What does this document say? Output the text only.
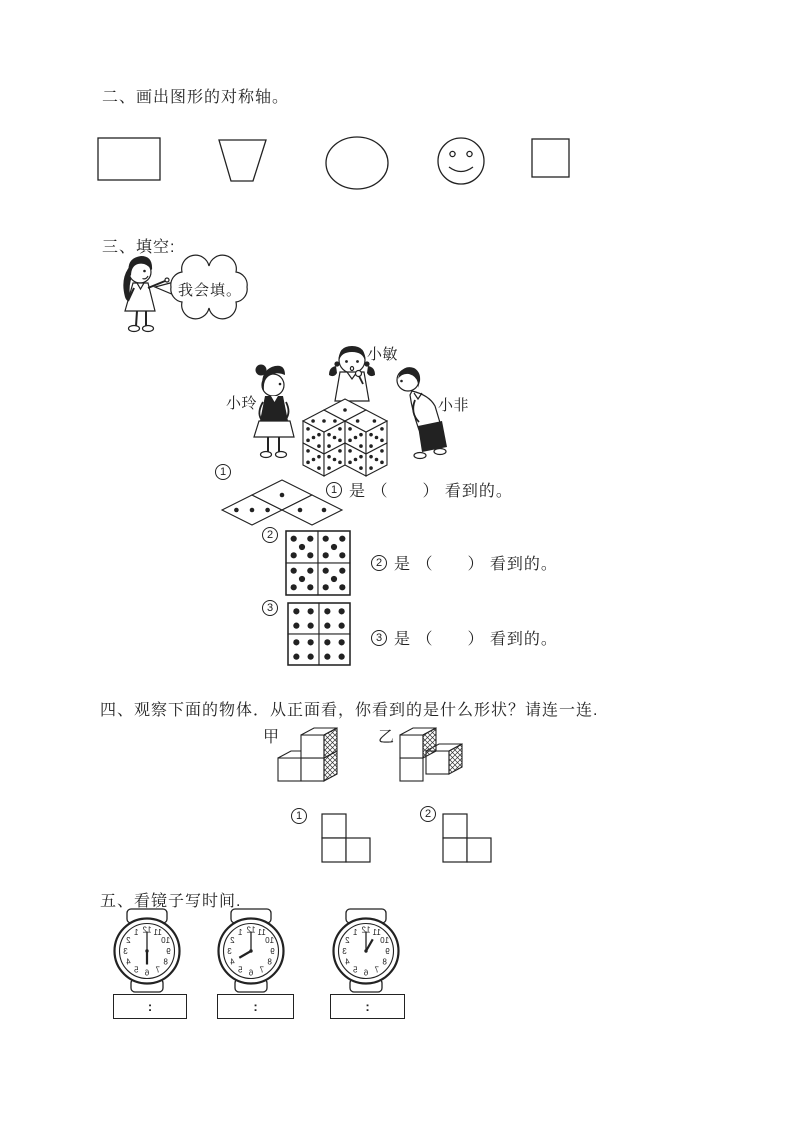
1
2
3
4
5 6 7
8
9
10
11
12	1
2
3
4
5 6 7
8
9
10
11
12	1
2
3
4
5 6 7
8
9
10
11
12
二、画出图形的对称轴。
三、填空:
我会填。
小玲
小敏
小非
1
2
3
1 是 （　　） 看到的。
2 是 （　　） 看到的。
3 是 （　　） 看到的。
四、观察下面的物体．从正面看，你看到的是什么形状？请连一连.
甲	乙
1	2
五、看镜子写时间.
:	:	:
